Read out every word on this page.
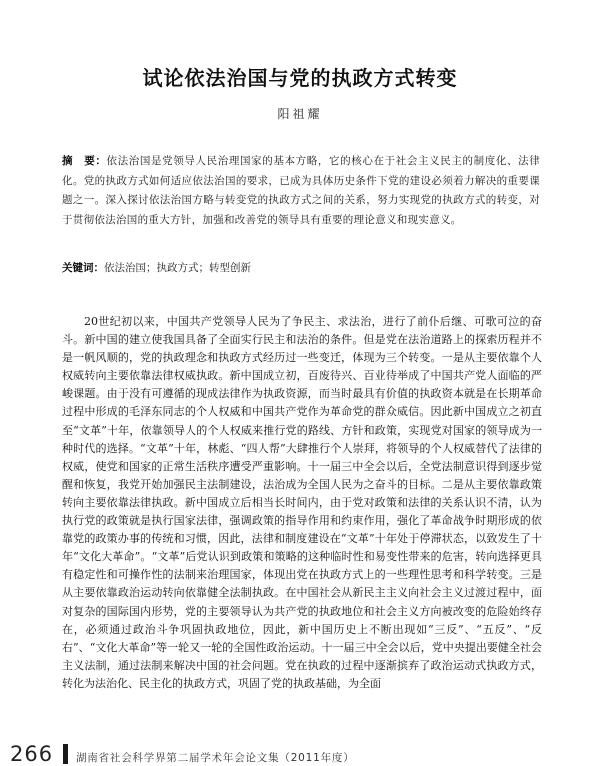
试论依法治国与党的执政方式转变
阳祖耀
摘　要：依法治国是党领导人民治理国家的基本方略，它的核心在于社会主义民主的制度化、法律化。党的执政方式如何适应依法治国的要求，已成为具体历史条件下党的建设必须着力解决的重要课题之一。深入探讨依法治国方略与转变党的执政方式之间的关系，努力实现党的执政方式的转变，对于贯彻依法治国的重大方针，加强和改善党的领导具有重要的理论意义和现实意义。
关键词：依法治国；执政方式；转型创新

20世纪初以来，中国共产党领导人民为了争民主、求法治，进行了前仆后继、可歌可泣的奋斗。新中国的建立使我国具备了全面实行民主和法治的条件。但是党在法治道路上的探索历程并不是一帆风顺的，党的执政理念和执政方式经历过一些变迁，体现为三个转变。一是从主要依靠个人权威转向主要依靠法律权威执政。新中国成立初，百废待兴、百业待举成了中国共产党人面临的严峻课题。由于没有可遵循的现成法律作为执政资源，而当时最具有价值的执政资本就是在长期革命过程中形成的毛泽东同志的个人权威和中国共产党作为革命党的群众威信。因此新中国成立之初直至“文革”十年，依靠领导人的个人权威来推行党的路线、方针和政策，实现党对国家的领导成为一种时代的选择。“文革”十年，林彪、“四人帮”大肆推行个人崇拜，将领导的个人权威替代了法律的权威，使党和国家的正常生活秩序遭受严重影响。十一届三中全会以后，全党法制意识得到逐步觉醒和恢复，我党开始加强民主法制建设，法治成为全国人民为之奋斗的目标。二是从主要依靠政策转向主要依靠法律执政。新中国成立后相当长时间内，由于党对政策和法律的关系认识不清，认为执行党的政策就是执行国家法律，强调政策的指导作用和约束作用，强化了革命战争时期形成的依靠党的政策办事的传统和习惯，因此，法律和制度建设在“文革”十年处于停滞状态，以致发生了十年“文化大革命”。“文革”后党认识到政策和策略的这种临时性和易变性带来的危害，转向选择更具有稳定性和可操作性的法制来治理国家，体现出党在执政方式上的一些理性思考和科学转变。三是从主要依靠政治运动转向依靠健全法制执政。在中国社会从新民主主义向社会主义过渡过程中，面对复杂的国际国内形势，党的主要领导认为共产党的执政地位和社会主义方向被改变的危险始终存在，必须通过政治斗争巩固执政地位，因此，新中国历史上不断出现如“三反”、“五反”、“反右”、“文化大革命”等一轮又一轮的全国性政治运动。十一届三中全会以后，党中央提出要健全社会主义法制，通过法制来解决中国的社会问题。党在执政的过程中逐渐摈弃了政治运动式执政方式，转化为法治化、民主化的执政方式，巩固了党的执政基础，为全面

266 湖南省社会科学界第二届学术年会论文集（2011年度）
